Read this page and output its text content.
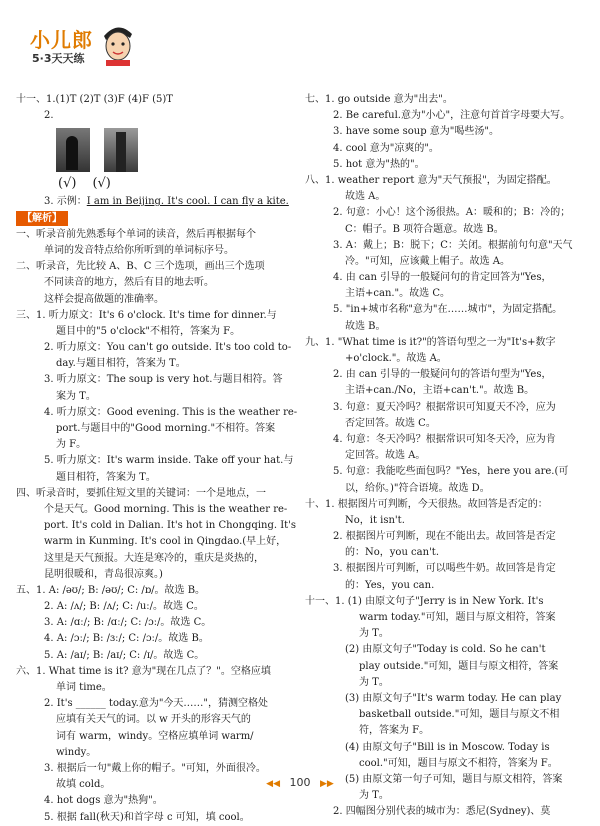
小儿郎
5·3天天练
十一、1.(1)T (2)T (3)F (4)F (5)T
2.
(√) (√)
3. 示例：I am in Beijing. It's cool. I can fly a kite.
【解析】
一、听录音前先熟悉每个单词的读音，然后再根据每个
单词的发音特点给你所听到的单词标序号。
二、听录音，先比较 A、B、C 三个选项，画出三个选项
不同读音的地方，然后有目的地去听。
这样会提高做题的准确率。
三、1. 听力原文：It's 6 o'clock. It's time for dinner.与
题目中的"5 o'clock"不相符，答案为 F。
2. 听力原文：You can't go outside. It's too cold to-
day.与题目相符，答案为 T。
3. 听力原文：The soup is very hot.与题目相符。答
案为 T。
4. 听力原文：Good evening. This is the weather re-
port.与题目中的"Good morning."不相符。答案
为 F。
5. 听力原文：It's warm inside. Take off your hat.与
题目相符，答案为 T。
四、听录音时，要抓住短文里的关键词：一个是地点，一
个是天气。Good morning. This is the weather re-
port. It's cold in Dalian. It's hot in Chongqing. It's
warm in Kunming. It's cool in Qingdao.(早上好，
这里是天气预报。大连是寒冷的，重庆是炎热的，
昆明很暖和，青岛很凉爽。)
五、1. A: /əʊ/; B: /əʊ/; C: /ɒ/。故选 B。
2. A: /ʌ/; B: /ʌ/; C: /uː/。故选 C。
3. A: /ɑː/; B: /ɑː/; C: /ɔː/。故选 C。
4. A: /ɔː/; B: /ɜː/; C: /ɔː/。故选 B。
5. A: /aɪ/; B: /aɪ/; C: /ɪ/。故选 C。
六、1. What time is it? 意为"现在几点了？"。空格应填
单词 time。
2. It's ______ today.意为"今天……"，猜测空格处
应填有关天气的词。以 w 开头的形容天气的
词有 warm，windy。空格应填单词 warm/
windy。
3. 根据后一句"戴上你的帽子。"可知，外面很冷。
故填 cold。
4. hot dogs 意为"热狗"。
5. 根据 fall(秋天)和首字母 c 可知，填 cool。
七、1. go outside 意为"出去"。
2. Be careful.意为"小心"，注意句首首字母要大写。
3. have some soup 意为"喝些汤"。
4. cool 意为"凉爽的"。
5. hot 意为"热的"。
八、1. weather report 意为"天气预报"，为固定搭配。
故选 A。
2. 句意：小心！这个汤很热。A：暖和的；B：冷的；
C：帽子。B 项符合题意。故选 B。
3. A：戴上；B：脱下；C：关闭。根据前句句意"天气
冷。"可知，应该戴上帽子。故选 A。
4. 由 can 引导的一般疑问句的肯定回答为"Yes，
主语+can."。故选 C。
5. "in+城市名称"意为"在……城市"，为固定搭配。
故选 B。
九、1. "What time is it?"的答语句型之一为"It's+数字
+o'clock."。故选 A。
2. 由 can 引导的一般疑问句的答语句型为"Yes，
主语+can./No，主语+can't."。故选 B。
3. 句意：夏天冷吗？根据常识可知夏天不冷，应为
否定回答。故选 C。
4. 句意：冬天冷吗？根据常识可知冬天冷，应为肯
定回答。故选 A。
5. 句意：我能吃些面包吗？"Yes，here you are.(可
以，给你。)"符合语境。故选 D。
十、1. 根据图片可判断，今天很热。故回答是否定的：
No，it isn't.
2. 根据图片可判断，现在不能出去。故回答是否定
的：No，you can't.
3. 根据图片可判断，可以喝些牛奶。故回答是肯定
的：Yes，you can.
十一、1. (1) 由原文句子"Jerry is in New York. It's
warm today."可知，题目与原文相符，答案
为 T。
(2) 由原文句子"Today is cold. So he can't
play outside."可知，题目与原文相符，答案
为 T。
(3) 由原文句子"It's warm today. He can play
basketball outside."可知，题目与原文不相
符，答案为 F。
(4) 由原文句子"Bill is in Moscow. Today is
cool."可知，题目与原文不相符，答案为 F。
(5) 由原文第一句子可知，题目与原文相符，答案
为 T。
2. 四幅图分别代表的城市为：悉尼(Sydney)、莫
◀◀ 100 ▶▶
